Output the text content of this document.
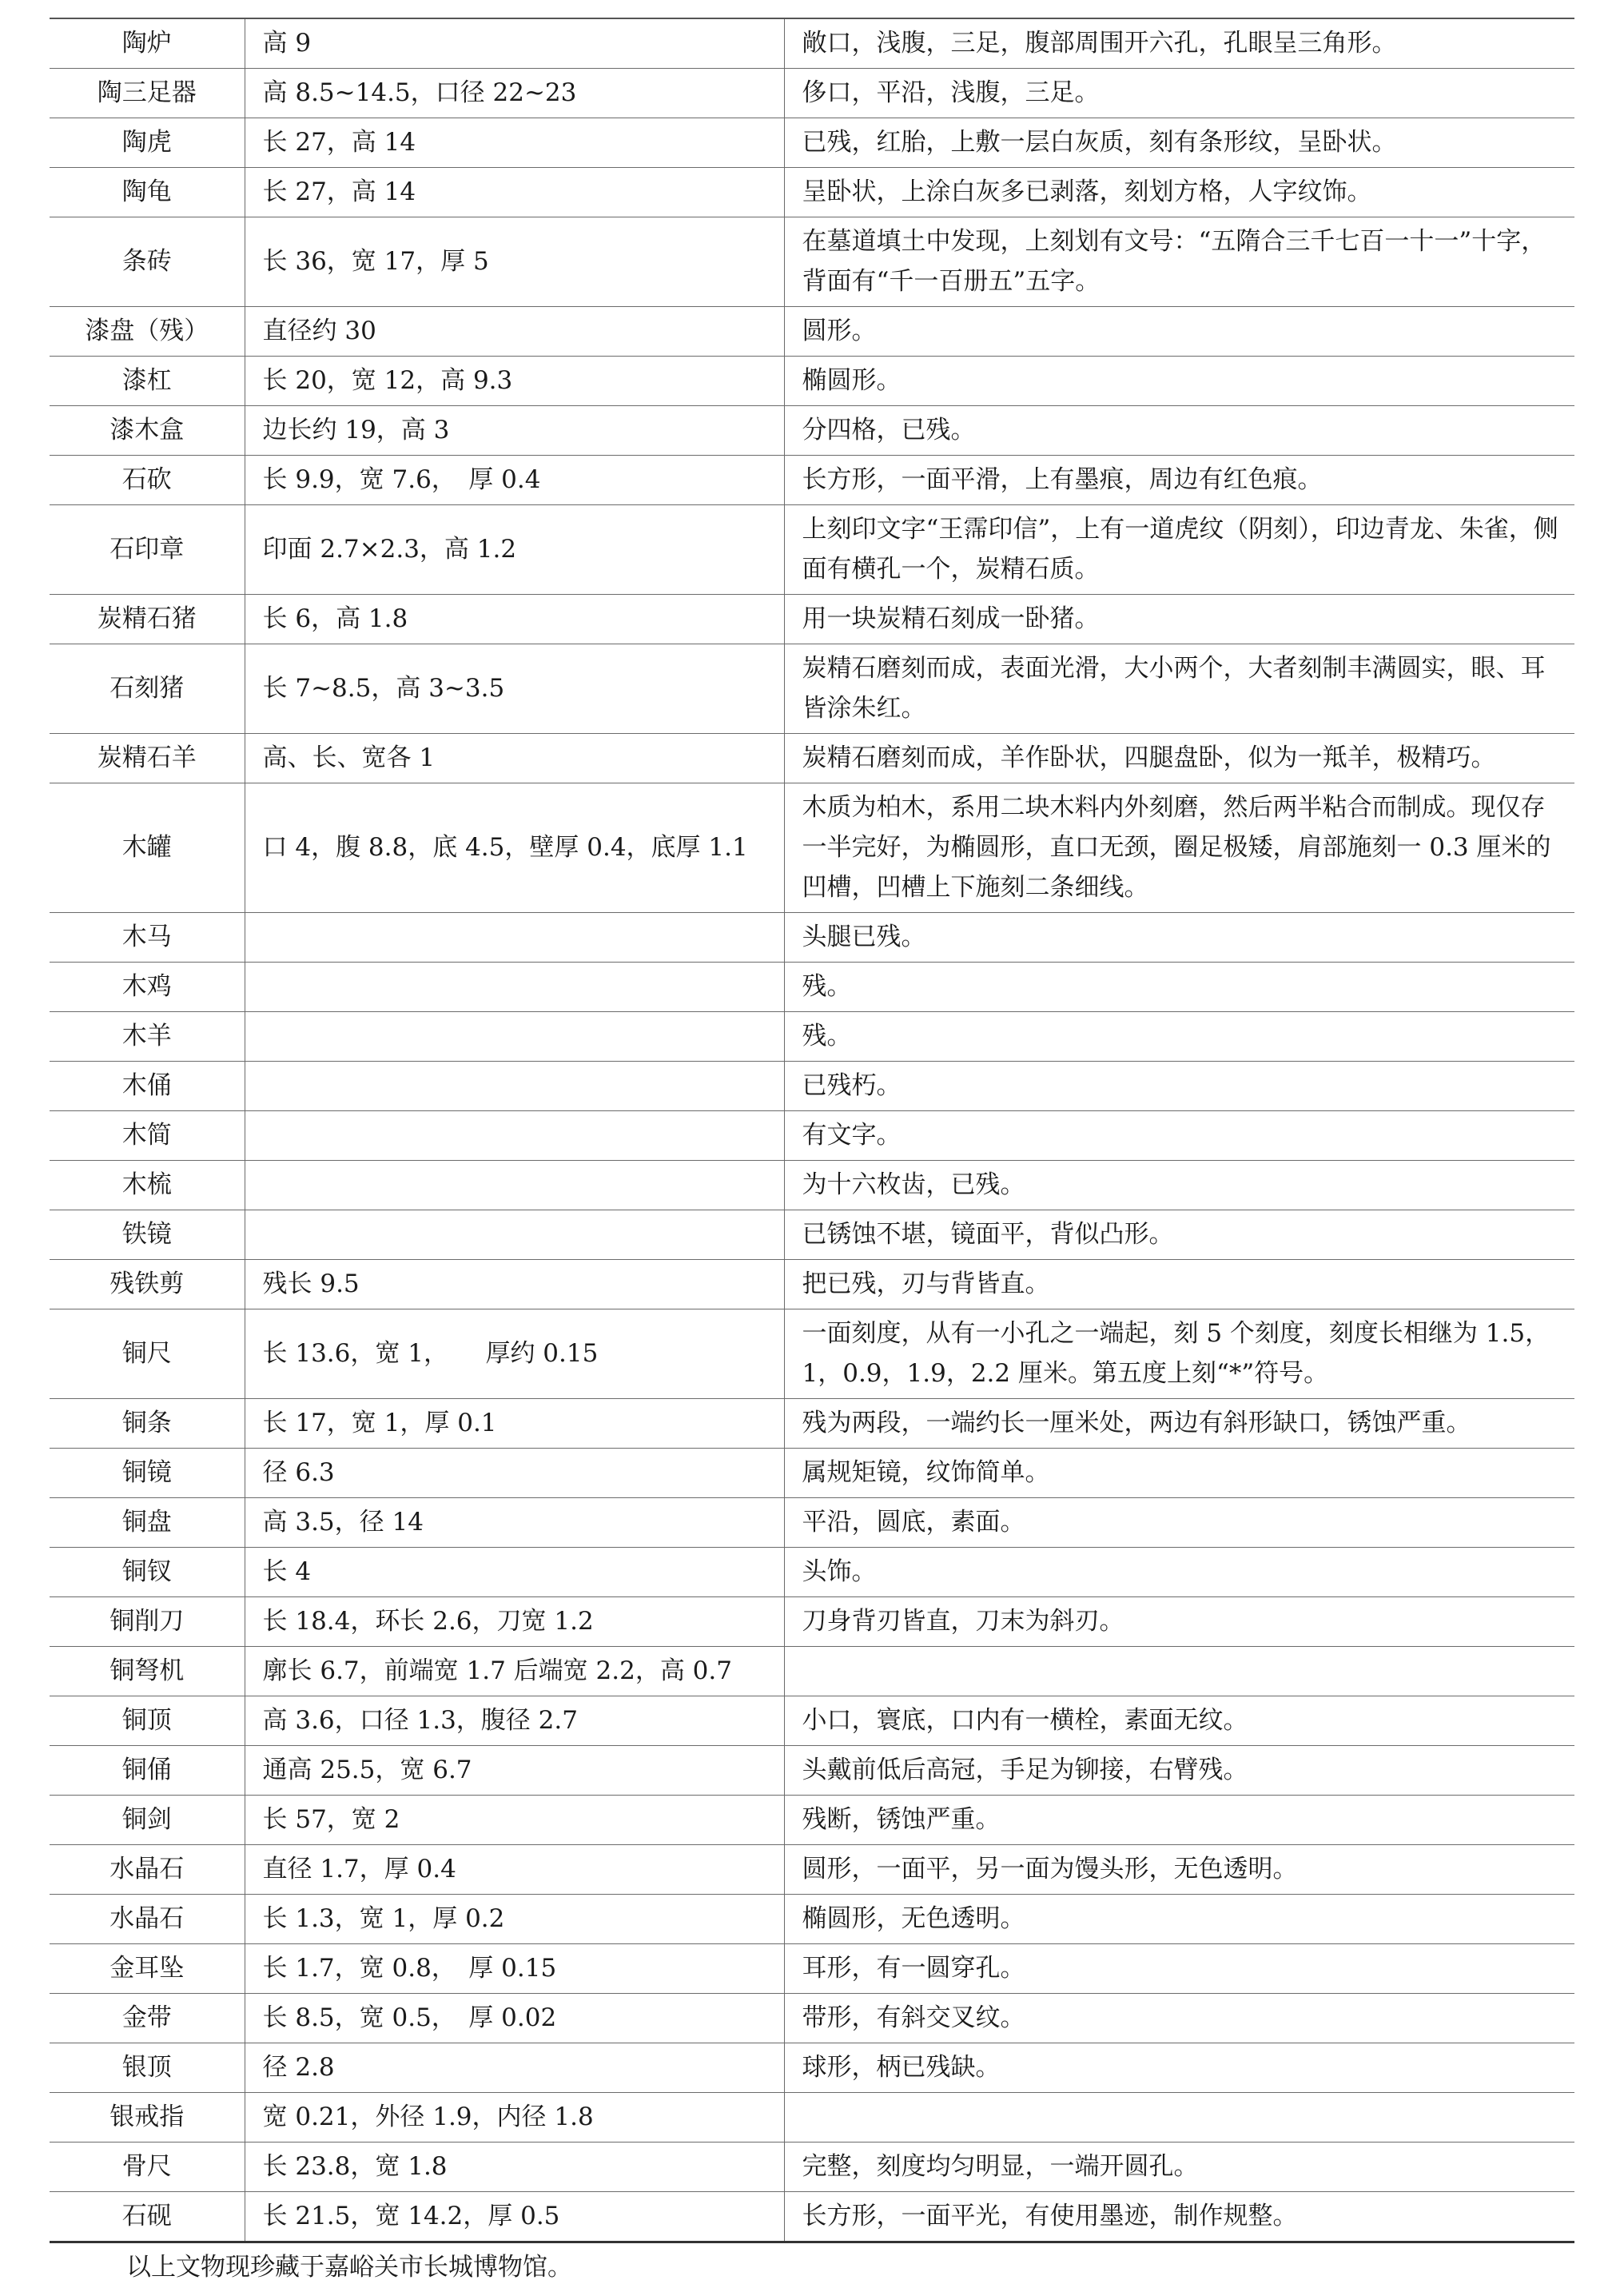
陶炉	高 9	敞口，浅腹，三足，腹部周围开六孔，孔眼呈三角形。
陶三足器	高 8.5~14.5，口径 22~23	侈口，平沿，浅腹，三足。
陶虎	长 27，高 14	已残，红胎，上敷一层白灰质，刻有条形纹，呈卧状。
陶龟	长 27，高 14	呈卧状，上涂白灰多已剥落，刻划方格，人字纹饰。
条砖	长 36，宽 17，厚 5	在墓道填土中发现，上刻划有文号：“五隋合三千七百一十一”十字，背面有“千一百册五”五字。
漆盘（残）	直径约 30	圆形。
漆杠	长 20，宽 12，高 9.3	椭圆形。
漆木盒	边长约 19，高 3	分四格，已残。
石砍	长 9.9，宽 7.6，　厚 0.4	长方形，一面平滑，上有墨痕，周边有红色痕。
石印章	印面 2.7×2.3，高 1.2	上刻印文字“王霈印信”，上有一道虎纹（阴刻），印边青龙、朱雀，侧面有横孔一个，炭精石质。
炭精石猪	长 6，高 1.8	用一块炭精石刻成一卧猪。
石刻猪	长 7~8.5，高 3~3.5	炭精石磨刻而成，表面光滑，大小两个，大者刻制丰满圆实，眼、耳皆涂朱红。
炭精石羊	高、长、宽各 1	炭精石磨刻而成，羊作卧状，四腿盘卧，似为一羝羊，极精巧。
木罐	口 4，腹 8.8，底 4.5，壁厚 0.4，底厚 1.1	木质为柏木，系用二块木料内外刻磨，然后两半粘合而制成。现仅存一半完好，为椭圆形，直口无颈，圈足极矮，肩部施刻一 0.3 厘米的凹槽，凹槽上下施刻二条细线。
木马		头腿已残。
木鸡		残。
木羊		残。
木俑		已残朽。
木简		有文字。
木梳		为十六枚齿，已残。
铁镜		已锈蚀不堪，镜面平，背似凸形。
残铁剪	残长 9.5	把已残，刃与背皆直。
铜尺	长 13.6，宽 1，　　厚约 0.15	一面刻度，从有一小孔之一端起，刻 5 个刻度，刻度长相继为 1.5，1，0.9，1.9，2.2 厘米。第五度上刻“*”符号。
铜条	长 17，宽 1，厚 0.1	残为两段，一端约长一厘米处，两边有斜形缺口，锈蚀严重。
铜镜	径 6.3	属规矩镜，纹饰简单。
铜盘	高 3.5，径 14	平沿，圆底，素面。
铜钗	长 4	头饰。
铜削刀	长 18.4，环长 2.6，刀宽 1.2	刀身背刃皆直，刀末为斜刃。
铜弩机	廓长 6.7，前端宽 1.7 后端宽 2.2，高 0.7	
铜顶	高 3.6，口径 1.3，腹径 2.7	小口，寰底，口内有一横栓，素面无纹。
铜俑	通高 25.5，宽 6.7	头戴前低后高冠，手足为铆接，右臂残。
铜剑	长 57，宽 2	残断，锈蚀严重。
水晶石	直径 1.7，厚 0.4	圆形，一面平，另一面为馒头形，无色透明。
水晶石	长 1.3，宽 1，厚 0.2	椭圆形，无色透明。
金耳坠	长 1.7，宽 0.8，　厚 0.15	耳形，有一圆穿孔。
金带	长 8.5，宽 0.5，　厚 0.02	带形，有斜交叉纹。
银顶	径 2.8	球形，柄已残缺。
银戒指	宽 0.21，外径 1.9，内径 1.8	
骨尺	长 23.8，宽 1.8	完整，刻度均匀明显，一端开圆孔。
石砚	长 21.5，宽 14.2，厚 0.5	长方形，一面平光，有使用墨迹，制作规整。
以上文物现珍藏于嘉峪关市长城博物馆。
